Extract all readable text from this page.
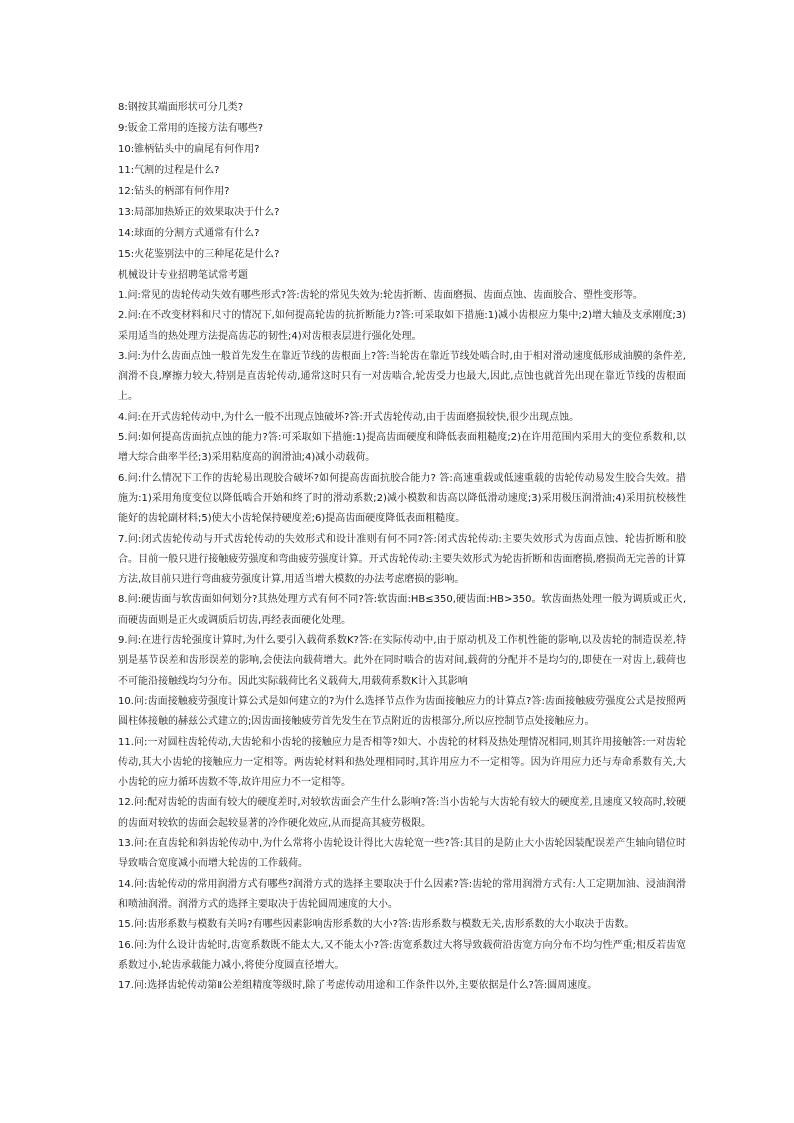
8:钢按其端面形状可分几类?

9:钣金工常用的连接方法有哪些?

10:锥柄钻头中的扁尾有何作用?

11:气割的过程是什么?

12:钻头的柄部有何作用?

13:局部加热矫正的效果取决于什么?

14:球面的分割方式通常有什么?

15:火花鉴别法中的三种尾花是什么?

机械设计专业招聘笔试常考题

1.问:常见的齿轮传动失效有哪些形式?答:齿轮的常见失效为:轮齿折断、齿面磨损、齿面点蚀、齿面胶合、塑性变形等。

2.问:在不改变材料和尺寸的情况下,如何提高轮齿的抗折断能力?答:可采取如下措施:1)减小齿根应力集中;2)增大轴及支承刚度;3)采用适当的热处理方法提高齿芯的韧性;4)对齿根表层进行强化处理。

3.问:为什么齿面点蚀一般首先发生在靠近节线的齿根面上?答:当轮齿在靠近节线处啮合时,由于相对滑动速度低形成油膜的条件差,润滑不良,摩擦力较大,特别是直齿轮传动,通常这时只有一对齿啮合,轮齿受力也最大,因此,点蚀也就首先出现在靠近节线的齿根面上。

4.问:在开式齿轮传动中,为什么一般不出现点蚀破坏?答:开式齿轮传动,由于齿面磨损较快,很少出现点蚀。

5.问:如何提高齿面抗点蚀的能力?答:可采取如下措施:1)提高齿面硬度和降低表面粗糙度;2)在许用范围内采用大的变位系数和,以增大综合曲率半径;3)采用粘度高的润滑油;4)减小动载荷。

6.问:什么情况下工作的齿轮易出现胶合破坏?如何提高齿面抗胶合能力? 答:高速重载或低速重载的齿轮传动易发生胶合失效。措施为:1)采用角度变位以降低啮合开始和终了时的滑动系数;2)减小模数和齿高以降低滑动速度;3)采用极压润滑油;4)采用抗校核性能好的齿轮副材料;5)使大小齿轮保持硬度差;6)提高齿面硬度降低表面粗糙度。

7.问:闭式齿轮传动与开式齿轮传动的失效形式和设计准则有何不同?答:闭式齿轮传动:主要失效形式为齿面点蚀、轮齿折断和胶合。目前一般只进行接触疲劳强度和弯曲疲劳强度计算。开式齿轮传动:主要失效形式为轮齿折断和齿面磨损,磨损尚无完善的计算方法,故目前只进行弯曲疲劳强度计算,用适当增大模数的办法考虑磨损的影响。

8.问:硬齿面与软齿面如何划分?其热处理方式有何不同?答:软齿面:HB≤350,硬齿面:HB>350。软齿面热处理一般为调质或正火,而硬齿面则是正火或调质后切齿,再经表面硬化处理。

9.问:在进行齿轮强度计算时,为什么要引入载荷系数K?答:在实际传动中,由于原动机及工作机性能的影响,以及齿轮的制造误差,特别是基节误差和齿形误差的影响,会使法向载荷增大。此外在同时啮合的齿对间,载荷的分配并不是均匀的,即使在一对齿上,载荷也不可能沿接触线均匀分布。因此实际载荷比名义载荷大,用载荷系数K计入其影响

10.问:齿面接触疲劳强度计算公式是如何建立的?为什么选择节点作为齿面接触应力的计算点?答:齿面接触疲劳强度公式是按照两圆柱体接触的赫兹公式建立的;因齿面接触疲劳首先发生在节点附近的齿根部分,所以应控制节点处接触应力。

11.问:一对圆柱齿轮传动,大齿轮和小齿轮的接触应力是否相等?如大、小齿轮的材料及热处理情况相同,则其许用接触答:一对齿轮传动,其大小齿轮的接触应力一定相等。两齿轮材料和热处理相同时,其许用应力不一定相等。因为许用应力还与寿命系数有关,大小齿轮的应力循环齿数不等,故许用应力不一定相等。

12.问:配对齿轮的齿面有较大的硬度差时,对较软齿面会产生什么影响?答:当小齿轮与大齿轮有较大的硬度差,且速度又较高时,较硬的齿面对较软的齿面会起较显著的冷作硬化效应,从而提高其疲劳极限。

13.问:在直齿轮和斜齿轮传动中,为什么常将小齿轮设计得比大齿轮宽一些?答:其目的是防止大小齿轮因装配误差产生轴向错位时导致啮合宽度减小而增大轮齿的工作载荷。

14.问:齿轮传动的常用润滑方式有哪些?润滑方式的选择主要取决于什么因素?答:齿轮的常用润滑方式有:人工定期加油、浸油润滑和喷油润滑。润滑方式的选择主要取决于齿轮圆周速度的大小。

15.问:齿形系数与模数有关吗?有哪些因素影响齿形系数的大小?答:齿形系数与模数无关,齿形系数的大小取决于齿数。

16.问:为什么设计齿轮时,齿宽系数既不能太大,又不能太小?答:齿宽系数过大将导致载荷沿齿宽方向分布不均匀性严重;相反若齿宽系数过小,轮齿承载能力减小,将使分度圆直径增大。

17.问:选择齿轮传动第Ⅱ公差组精度等级时,除了考虑传动用途和工作条件以外,主要依据是什么?答:圆周速度。
